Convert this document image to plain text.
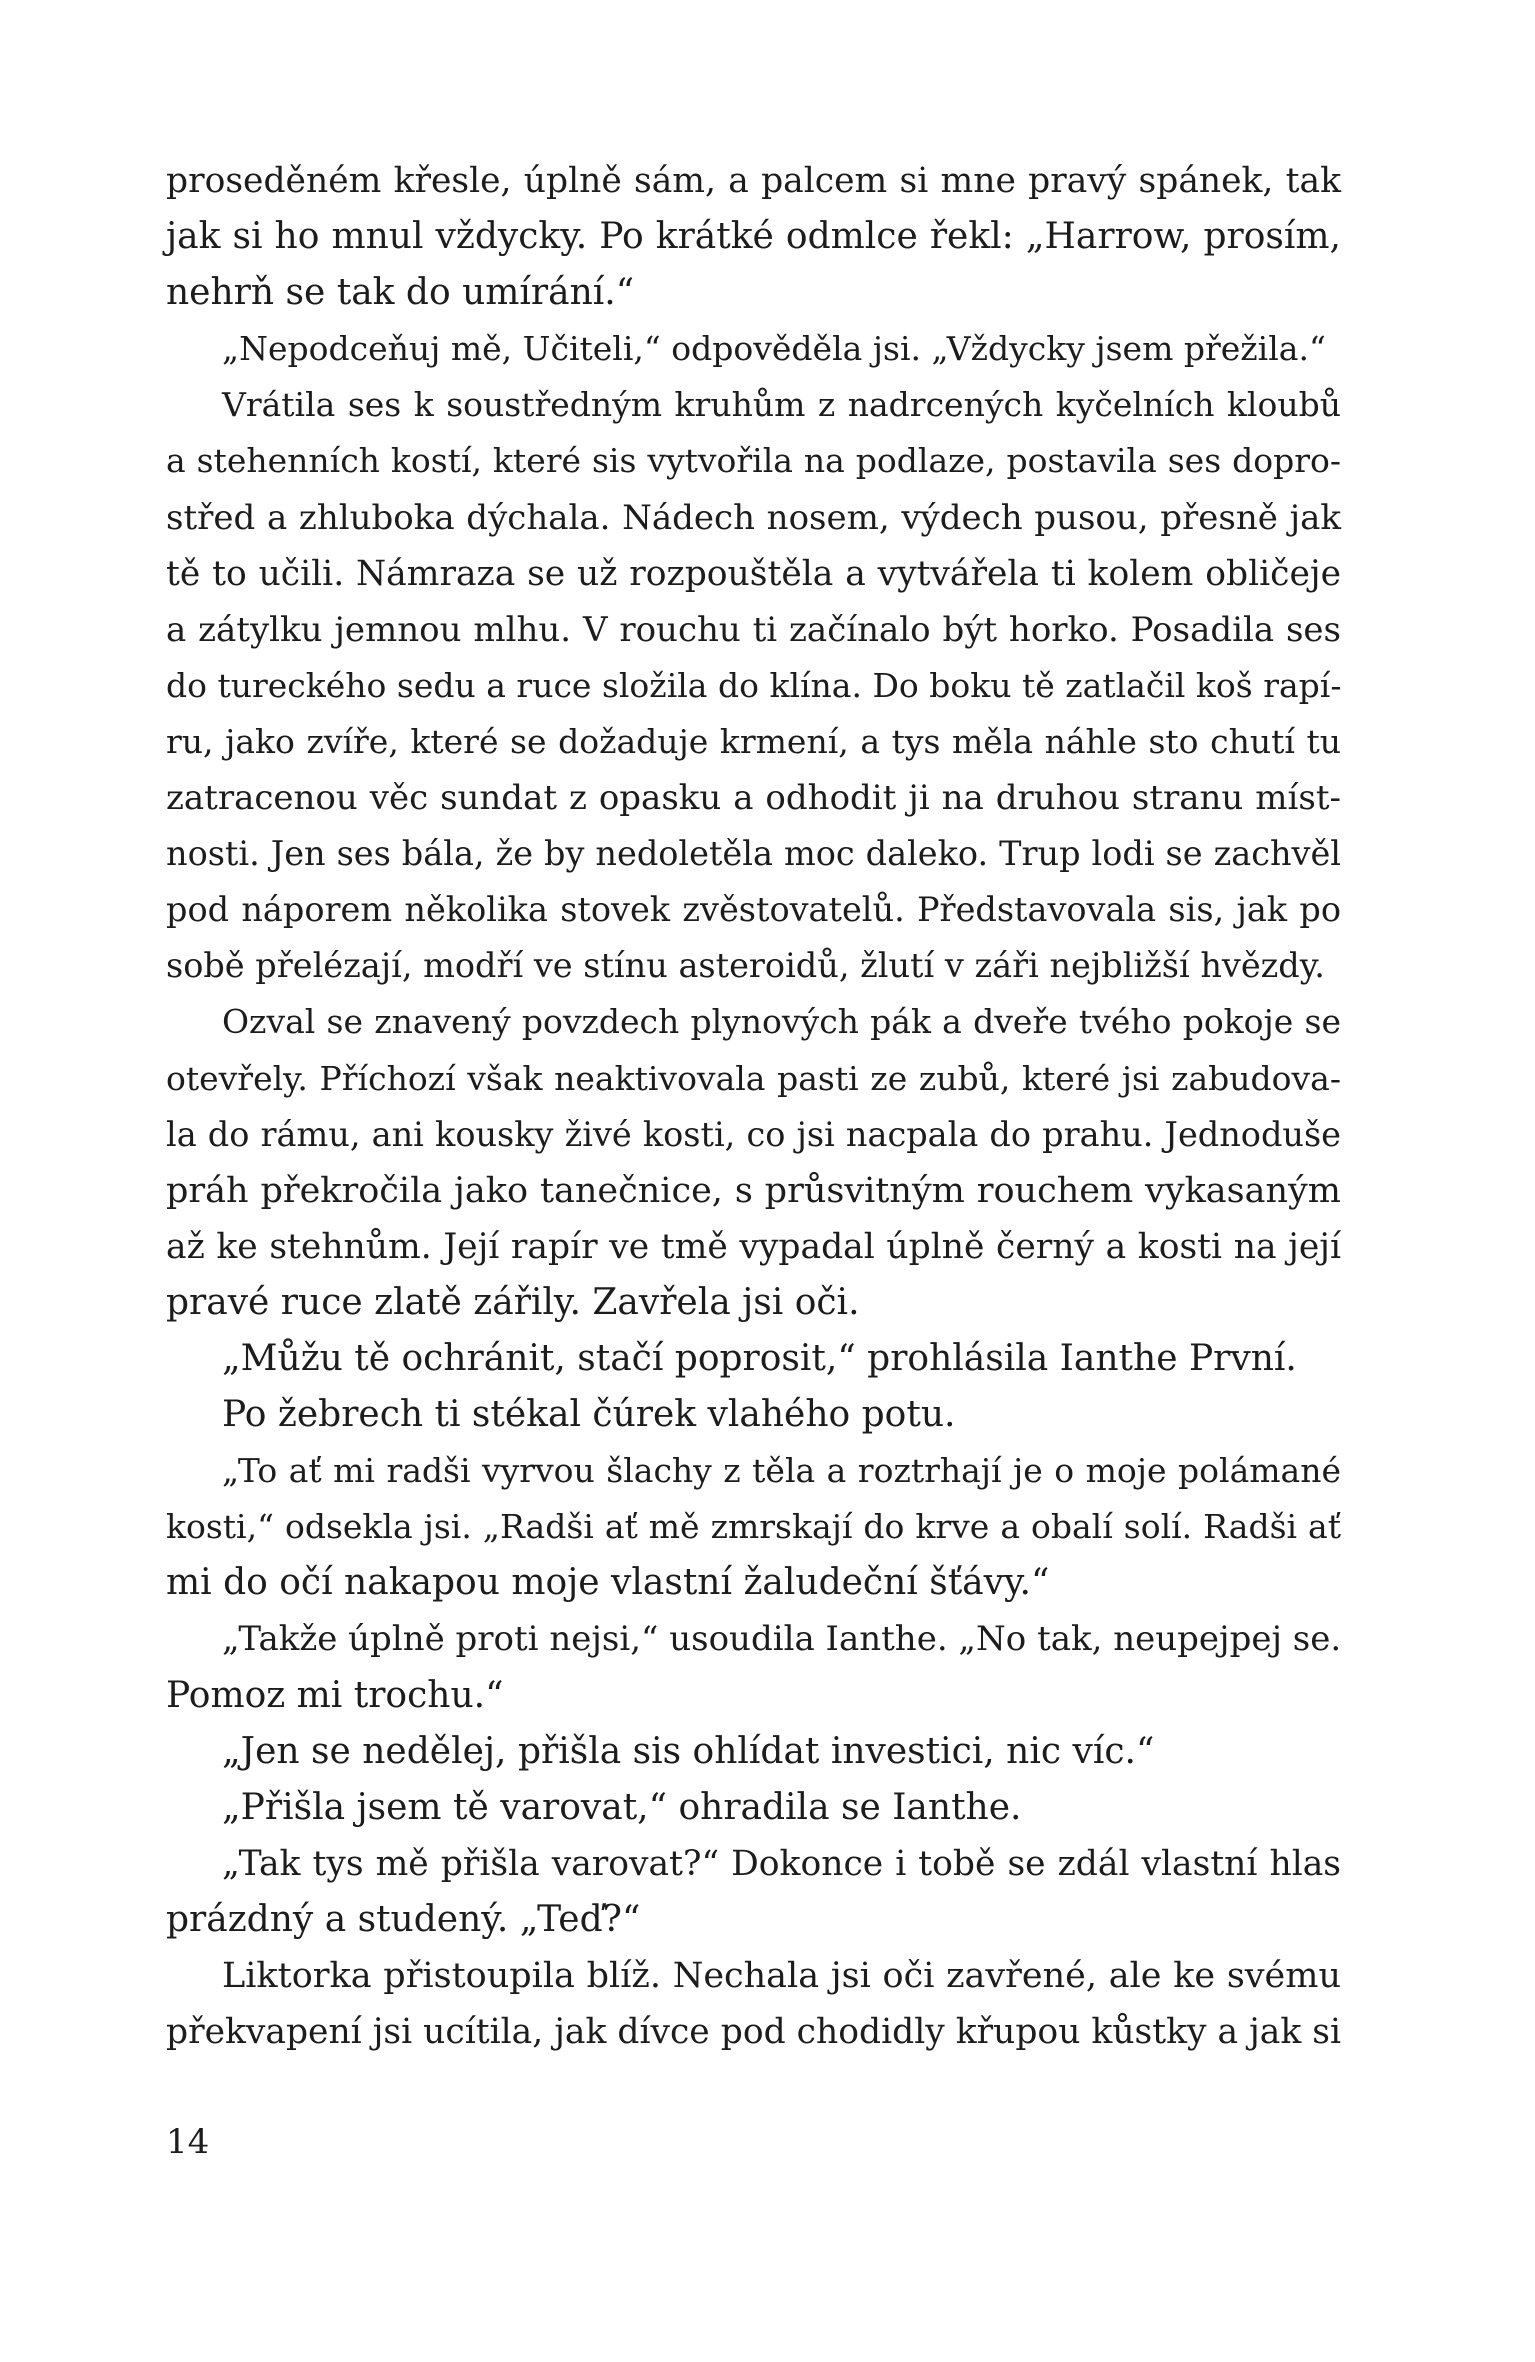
proseděném křesle, úplně sám, a palcem si mne pravý spánek, tak
jak si ho mnul vždycky. Po krátké odmlce řekl: „Harrow, prosím,
nehrň se tak do umírání.“
„Nepodceňuj mě, Učiteli,“ odpověděla jsi. „Vždycky jsem přežila.“
Vrátila ses k soustředným kruhům z nadrcených kyčelních kloubů
a stehenních kostí, které sis vytvořila na podlaze, postavila ses dopro-
střed a zhluboka dýchala. Nádech nosem, výdech pusou, přesně jak
tě to učili. Námraza se už rozpouštěla a vytvářela ti kolem obličeje
a zátylku jemnou mlhu. V rouchu ti začínalo být horko. Posadila ses
do tureckého sedu a ruce složila do klína. Do boku tě zatlačil koš rapí-
ru, jako zvíře, které se dožaduje krmení, a tys měla náhle sto chutí tu
zatracenou věc sundat z opasku a odhodit ji na druhou stranu míst-
nosti. Jen ses bála, že by nedoletěla moc daleko. Trup lodi se zachvěl
pod náporem několika stovek zvěstovatelů. Představovala sis, jak po
sobě přelézají, modří ve stínu asteroidů, žlutí v záři nejbližší hvězdy.
Ozval se znavený povzdech plynových pák a dveře tvého pokoje se
otevřely. Příchozí však neaktivovala pasti ze zubů, které jsi zabudova-
la do rámu, ani kousky živé kosti, co jsi nacpala do prahu. Jednoduše
práh překročila jako tanečnice, s průsvitným rouchem vykasaným
až ke stehnům. Její rapír ve tmě vypadal úplně černý a kosti na její
pravé ruce zlatě zářily. Zavřela jsi oči.
„Můžu tě ochránit, stačí poprosit,“ prohlásila Ianthe První.
Po žebrech ti stékal čúrek vlahého potu.
„To ať mi radši vyrvou šlachy z těla a roztrhají je o moje polámané
kosti,“ odsekla jsi. „Radši ať mě zmrskají do krve a obalí solí. Radši ať
mi do očí nakapou moje vlastní žaludeční šťávy.“
„Takže úplně proti nejsi,“ usoudila Ianthe. „No tak, neupejpej se.
Pomoz mi trochu.“
„Jen se nedělej, přišla sis ohlídat investici, nic víc.“
„Přišla jsem tě varovat,“ ohradila se Ianthe.
„Tak tys mě přišla varovat?“ Dokonce i tobě se zdál vlastní hlas
prázdný a studený. „Teď?“
Liktorka přistoupila blíž. Nechala jsi oči zavřené, ale ke svému
překvapení jsi ucítila, jak dívce pod chodidly křupou kůstky a jak si
14
